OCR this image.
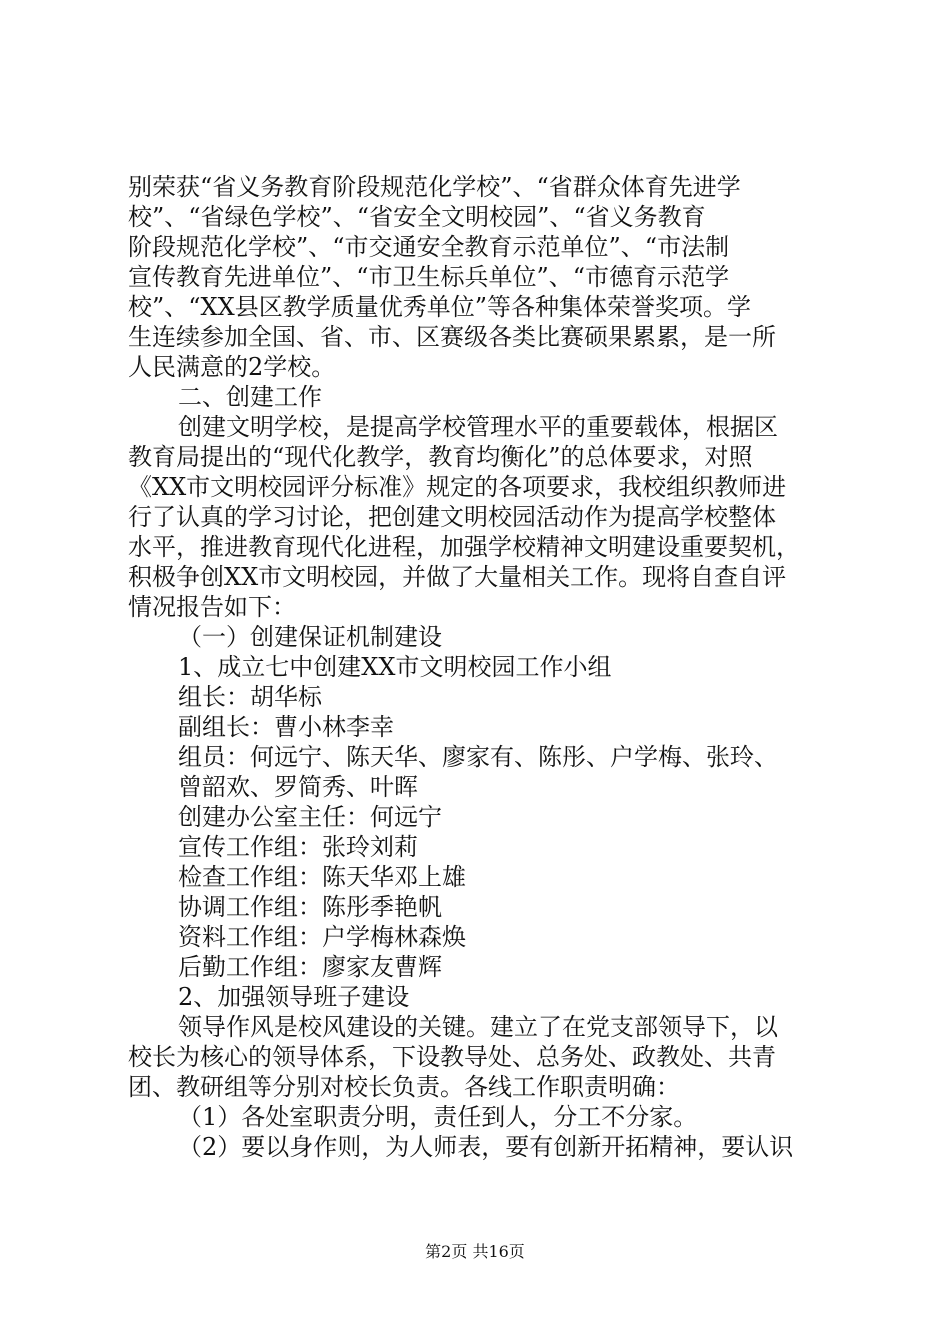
别荣获“省义务教育阶段规范化学校”、“省群众体育先进学

校”、“省绿色学校”、“省安全文明校园”、“省义务教育

阶段规范化学校”、“市交通安全教育示范单位”、“市法制

宣传教育先进单位”、“市卫生标兵单位”、“市德育示范学

校”、“XX县区教学质量优秀单位”等各种集体荣誉奖项。学

生连续参加全国、省、市、区赛级各类比赛硕果累累，是一所

人民满意的2学校。

二、创建工作

创建文明学校，是提高学校管理水平的重要载体，根据区

教育局提出的“现代化教学，教育均衡化”的总体要求，对照

《XX市文明校园评分标准》规定的各项要求，我校组织教师进

行了认真的学习讨论，把创建文明校园活动作为提高学校整体

水平，推进教育现代化进程，加强学校精神文明建设重要契机，

积极争创XX市文明校园，并做了大量相关工作。现将自查自评

情况报告如下：

（一）创建保证机制建设

1、成立七中创建XX市文明校园工作小组

组长：胡华标

副组长：曹小林李幸

组员：何远宁、陈天华、廖家有、陈彤、户学梅、张玲、

曾韶欢、罗简秀、叶晖

创建办公室主任：何远宁

宣传工作组：张玲刘莉

检查工作组：陈天华邓上雄

协调工作组：陈彤季艳帆

资料工作组：户学梅林森焕

后勤工作组：廖家友曹辉

2、加强领导班子建设

领导作风是校风建设的关键。建立了在党支部领导下，以

校长为核心的领导体系，下设教导处、总务处、政教处、共青

团、教研组等分别对校长负责。各线工作职责明确：

（1）各处室职责分明，责任到人，分工不分家。

（2）要以身作则，为人师表，要有创新开拓精神，要认识

第2页 共16页
